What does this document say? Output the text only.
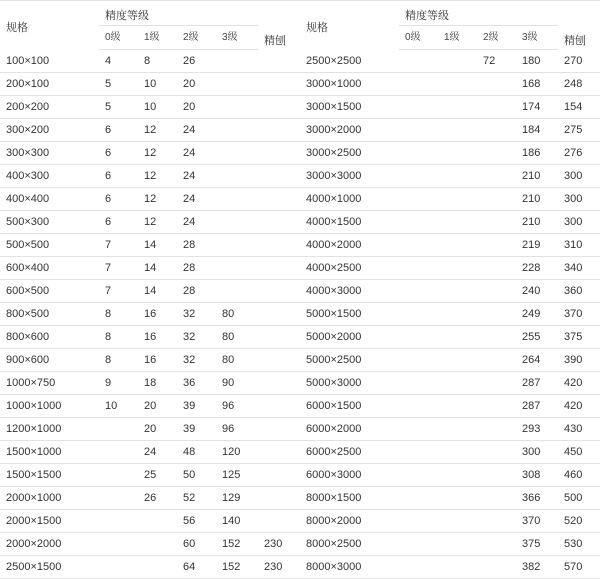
规格	精度等级				精刨
	0级	1级	2级	3级	
100×100	4	8	26		
200×100	5	10	20		
200×200	5	10	20		
300×200	6	12	24		
300×300	6	12	24		
400×300	6	12	24		
400×400	6	12	24		
500×300	6	12	24		
500×500	7	14	28		
600×400	7	14	28		
600×500	7	14	28		
800×500	8	16	32	80	
800×600	8	16	32	80	
900×600	8	16	32	80	
1000×750	9	18	36	90	
1000×1000	10	20	39	96	
1200×1000		20	39	96	
1500×1000		24	48	120	
1500×1500		25	50	125	
2000×1000		26	52	129	
2000×1500			56	140	
2000×2000			60	152	230
2500×1500			64	152	230
规格	精度等级				精刨
	0级	1级	2级	3级	
2500×2500			72	180	270
3000×1000				168	248
3000×1500				174	154
3000×2000				184	275
3000×2500				186	276
3000×3000				210	300
4000×1000				210	300
4000×1500				210	300
4000×2000				219	310
4000×2500				228	340
4000×3000				240	360
5000×1500				249	370
5000×2000				255	375
5000×2500				264	390
5000×3000				287	420
6000×1500				287	420
6000×2000				293	430
6000×2500				300	450
6000×3000				308	460
8000×1500				366	500
8000×2000				370	520
8000×2500				375	530
8000×3000				382	570
